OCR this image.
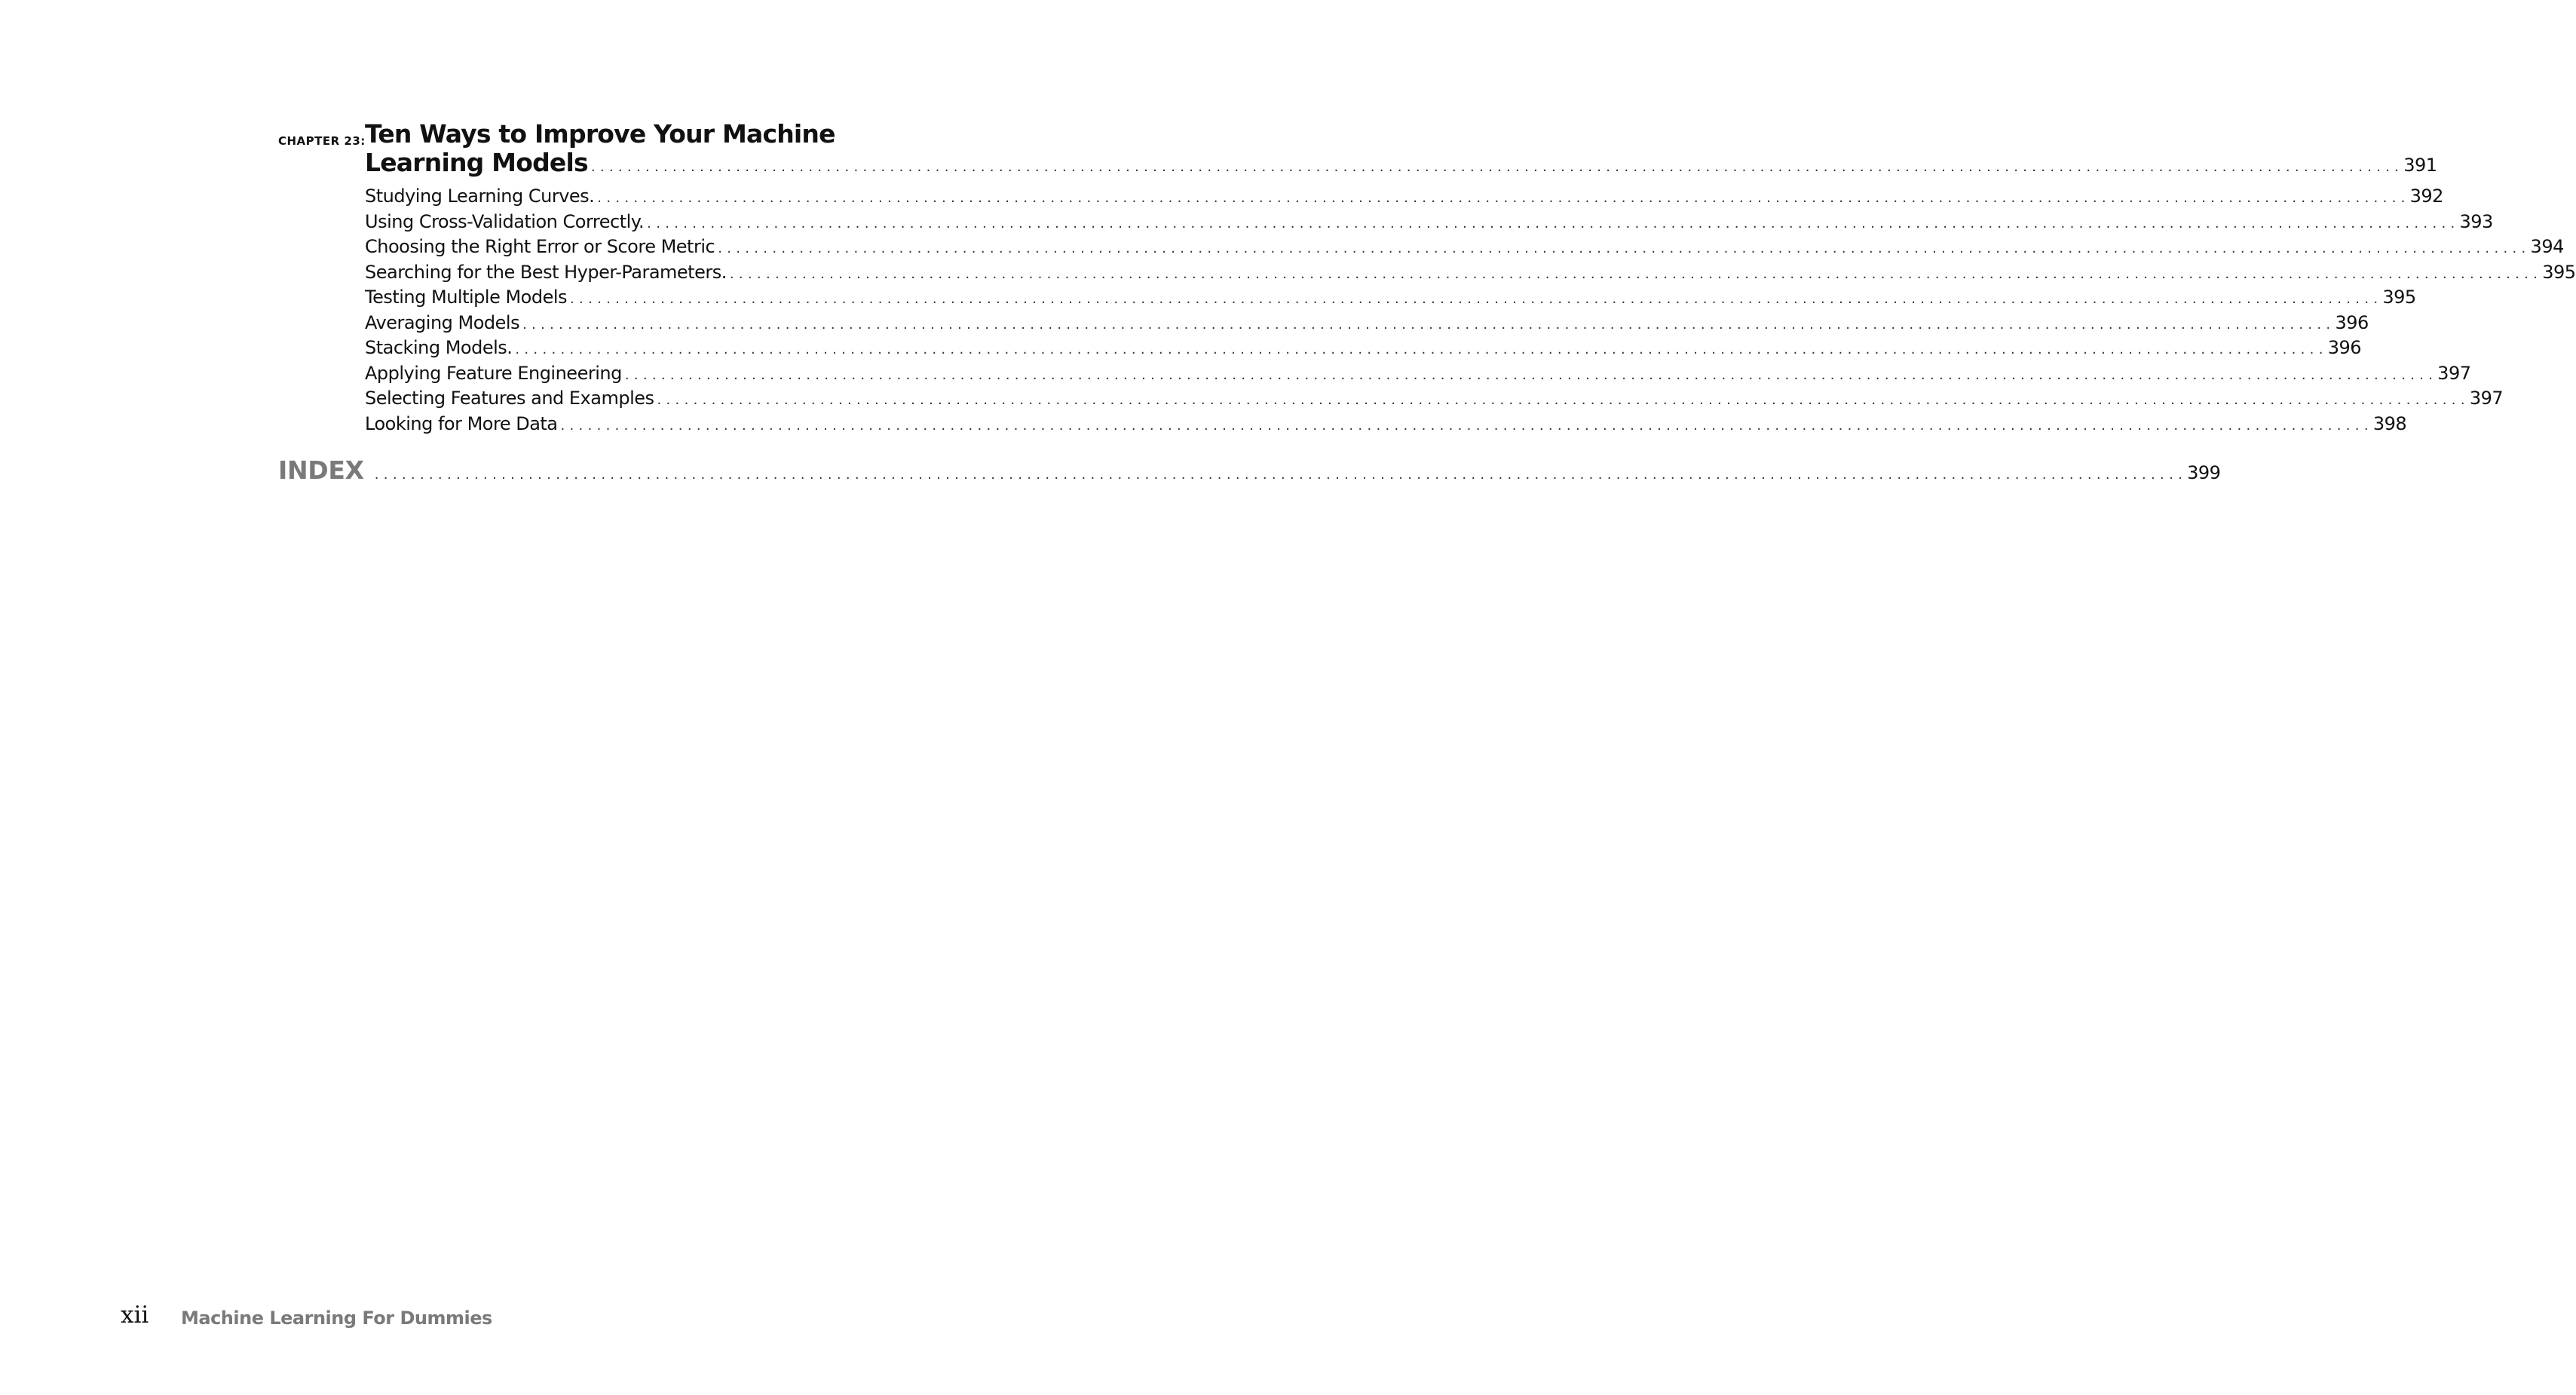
CHAPTER 23: Ten Ways to Improve Your Machine
Learning Models ........................................................................................................................................................................................................ 391
Studying Learning Curves. ........................................................................................................................................................................................................ 392
Using Cross-Validation Correctly. ........................................................................................................................................................................................................ 393
Choosing the Right Error or Score Metric ........................................................................................................................................................................................................ 394
Searching for the Best Hyper-Parameters. ........................................................................................................................................................................................................ 395
Testing Multiple Models ........................................................................................................................................................................................................ 395
Averaging Models ........................................................................................................................................................................................................ 396
Stacking Models. ........................................................................................................................................................................................................ 396
Applying Feature Engineering ........................................................................................................................................................................................................ 397
Selecting Features and Examples ........................................................................................................................................................................................................ 397
Looking for More Data ........................................................................................................................................................................................................ 398
INDEX ........................................................................................................................................................................................................ 399
xii Machine Learning For Dummies
